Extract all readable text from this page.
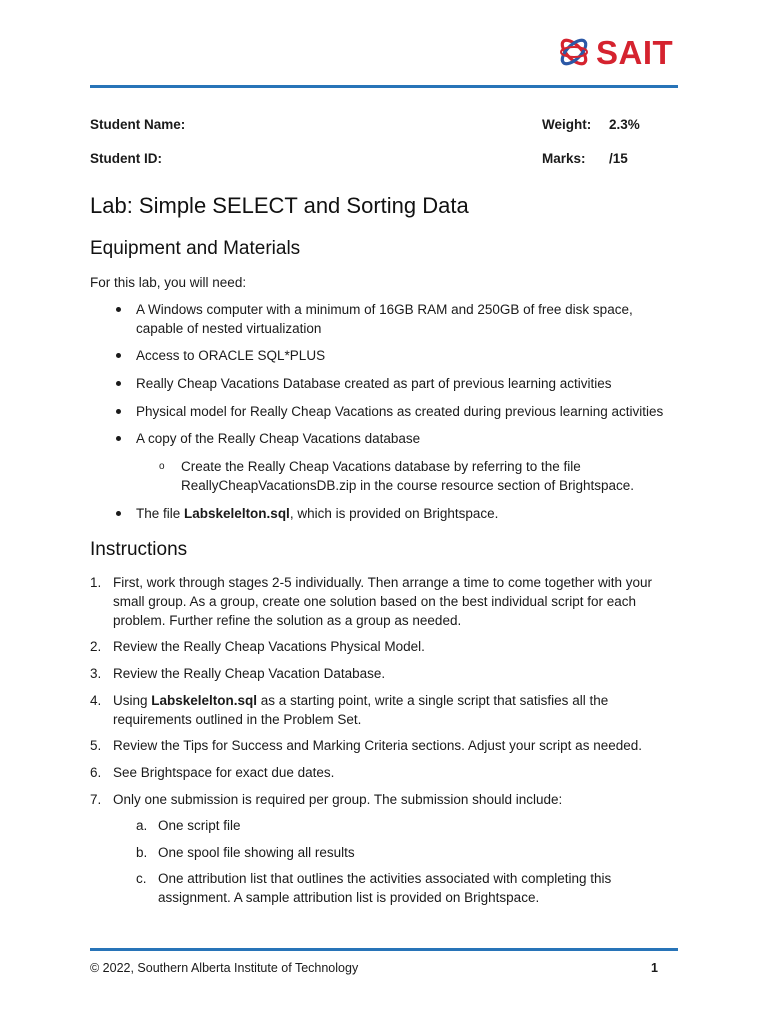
SAIT
Student Name:	Weight: 2.3%
Student ID:	Marks: /15
Lab: Simple SELECT and Sorting Data
Equipment and Materials

For this lab, you will need:

A Windows computer with a minimum of 16GB RAM and 250GB of free disk space,
capable of nested virtualization
Access to ORACLE SQL*PLUS
Really Cheap Vacations Database created as part of previous learning activities
Physical model for Really Cheap Vacations as created during previous learning activities
A copy of the Really Cheap Vacations database
o Create the Really Cheap Vacations database by referring to the file
ReallyCheapVacationsDB.zip in the course resource section of Brightspace.
The file Labskelelton.sql, which is provided on Brightspace.
Instructions
1. First, work through stages 2-5 individually. Then arrange a time to come together with your
small group. As a group, create one solution based on the best individual script for each
problem. Further refine the solution as a group as needed.
2. Review the Really Cheap Vacations Physical Model.
3. Review the Really Cheap Vacation Database.
4. Using Labskelelton.sql as a starting point, write a single script that satisfies all the
requirements outlined in the Problem Set.
5. Review the Tips for Success and Marking Criteria sections. Adjust your script as needed.
6. See Brightspace for exact due dates.
7. Only one submission is required per group. The submission should include:
a. One script file
b. One spool file showing all results
c. One attribution list that outlines the activities associated with completing this
assignment. A sample attribution list is provided on Brightspace.
© 2022, Southern Alberta Institute of Technology	1
